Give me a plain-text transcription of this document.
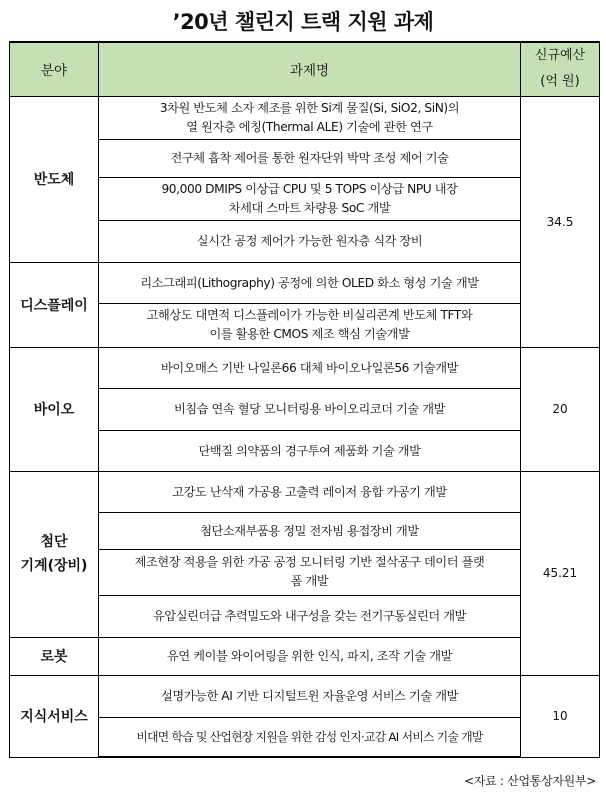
’20년 챌린지 트랙 지원 과제
분야	과제명	신규예산
(억 원)

반도체	3차원 반도체 소자 제조를 위한 Si계 물질(Si, SiO2, SiN)의
열 원자층 에칭(Thermal ALE) 기술에 관한 연구	34.5
	전구체 흡착 제어를 통한 원자단위 박막 조성 제어 기술	

	90,000 DMIPS 이상급 CPU 및 5 TOPS 이상급 NPU 내장
차세대 스마트 차량용 SoC 개발	

	실시간 공정 제어가 가능한 원자층 식각 장비	
디스플레이	리소그래피(Lithography) 공정에 의한 OLED 화소 형성 기술 개발	

	고해상도 대면적 디스플레이가 가능한 비실리콘계 반도체 TFT와
이를 활용한 CMOS 제조 핵심 기술개발	

바이오	바이오매스 기반 나일론66 대체 바이오나일론56 기술개발	20
	비침습 연속 혈당 모니터링용 바이오리코더 기술 개발	
	단백질 의약품의 경구투여 제품화 기술 개발	

첨단
기계(장비)	고강도 난삭재 가공용 고출력 레이저 융합 가공기 개발	45.21
	첨단소재부품용 정밀 전자빔 용접장비 개발	

	제조현장 적용을 위한 가공 공정 모니터링 기반 절삭공구 데이터 플랫
폼 개발	

	유압실린더급 추력밀도와 내구성을 갖는 전기구동실린더 개발	
로봇	유연 케이블 와이어링을 위한 인식, 파지, 조작 기술 개발	
지식서비스	설명가능한 AI 기반 디지털트윈 자율운영 서비스 기술 개발	10
	비대면 학습 및 산업현장 지원을 위한 감성 인지·교감 AI 서비스 기술 개발	
<자료 : 산업통상자원부>
